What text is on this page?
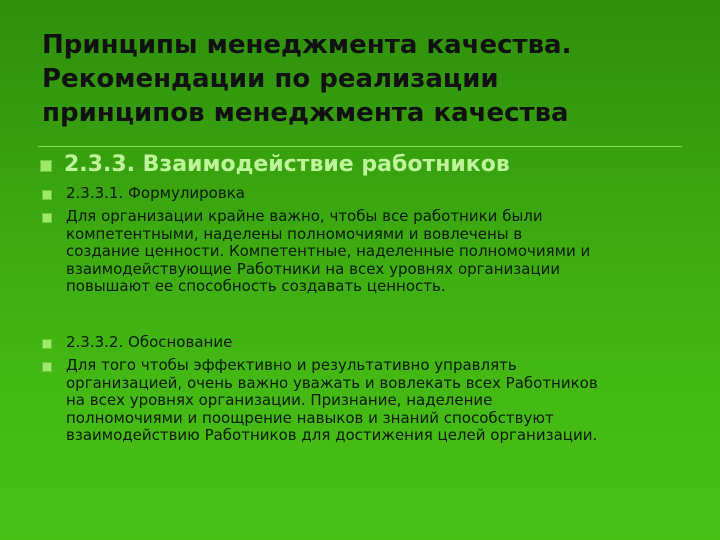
Принципы менеджмента качества.
Рекомендации по реализации
принципов менеджмента качества
2.3.3. Взаимодействие работников
2.3.3.1. Формулировка
Для организации крайне важно, чтобы все работники были
компетентными, наделены полномочиями и вовлечены в
создание ценности. Компетентные, наделенные полномочиями и
взаимодействующие Работники на всех уровнях организации
повышают ее способность создавать ценность.
2.3.3.2. Обоснование
Для того чтобы эффективно и результативно управлять
организацией, очень важно уважать и вовлекать всех Работников
на всех уровнях организации. Признание, наделение
полномочиями и поощрение навыков и знаний способствуют
взаимодействию Работников для достижения целей организации.
